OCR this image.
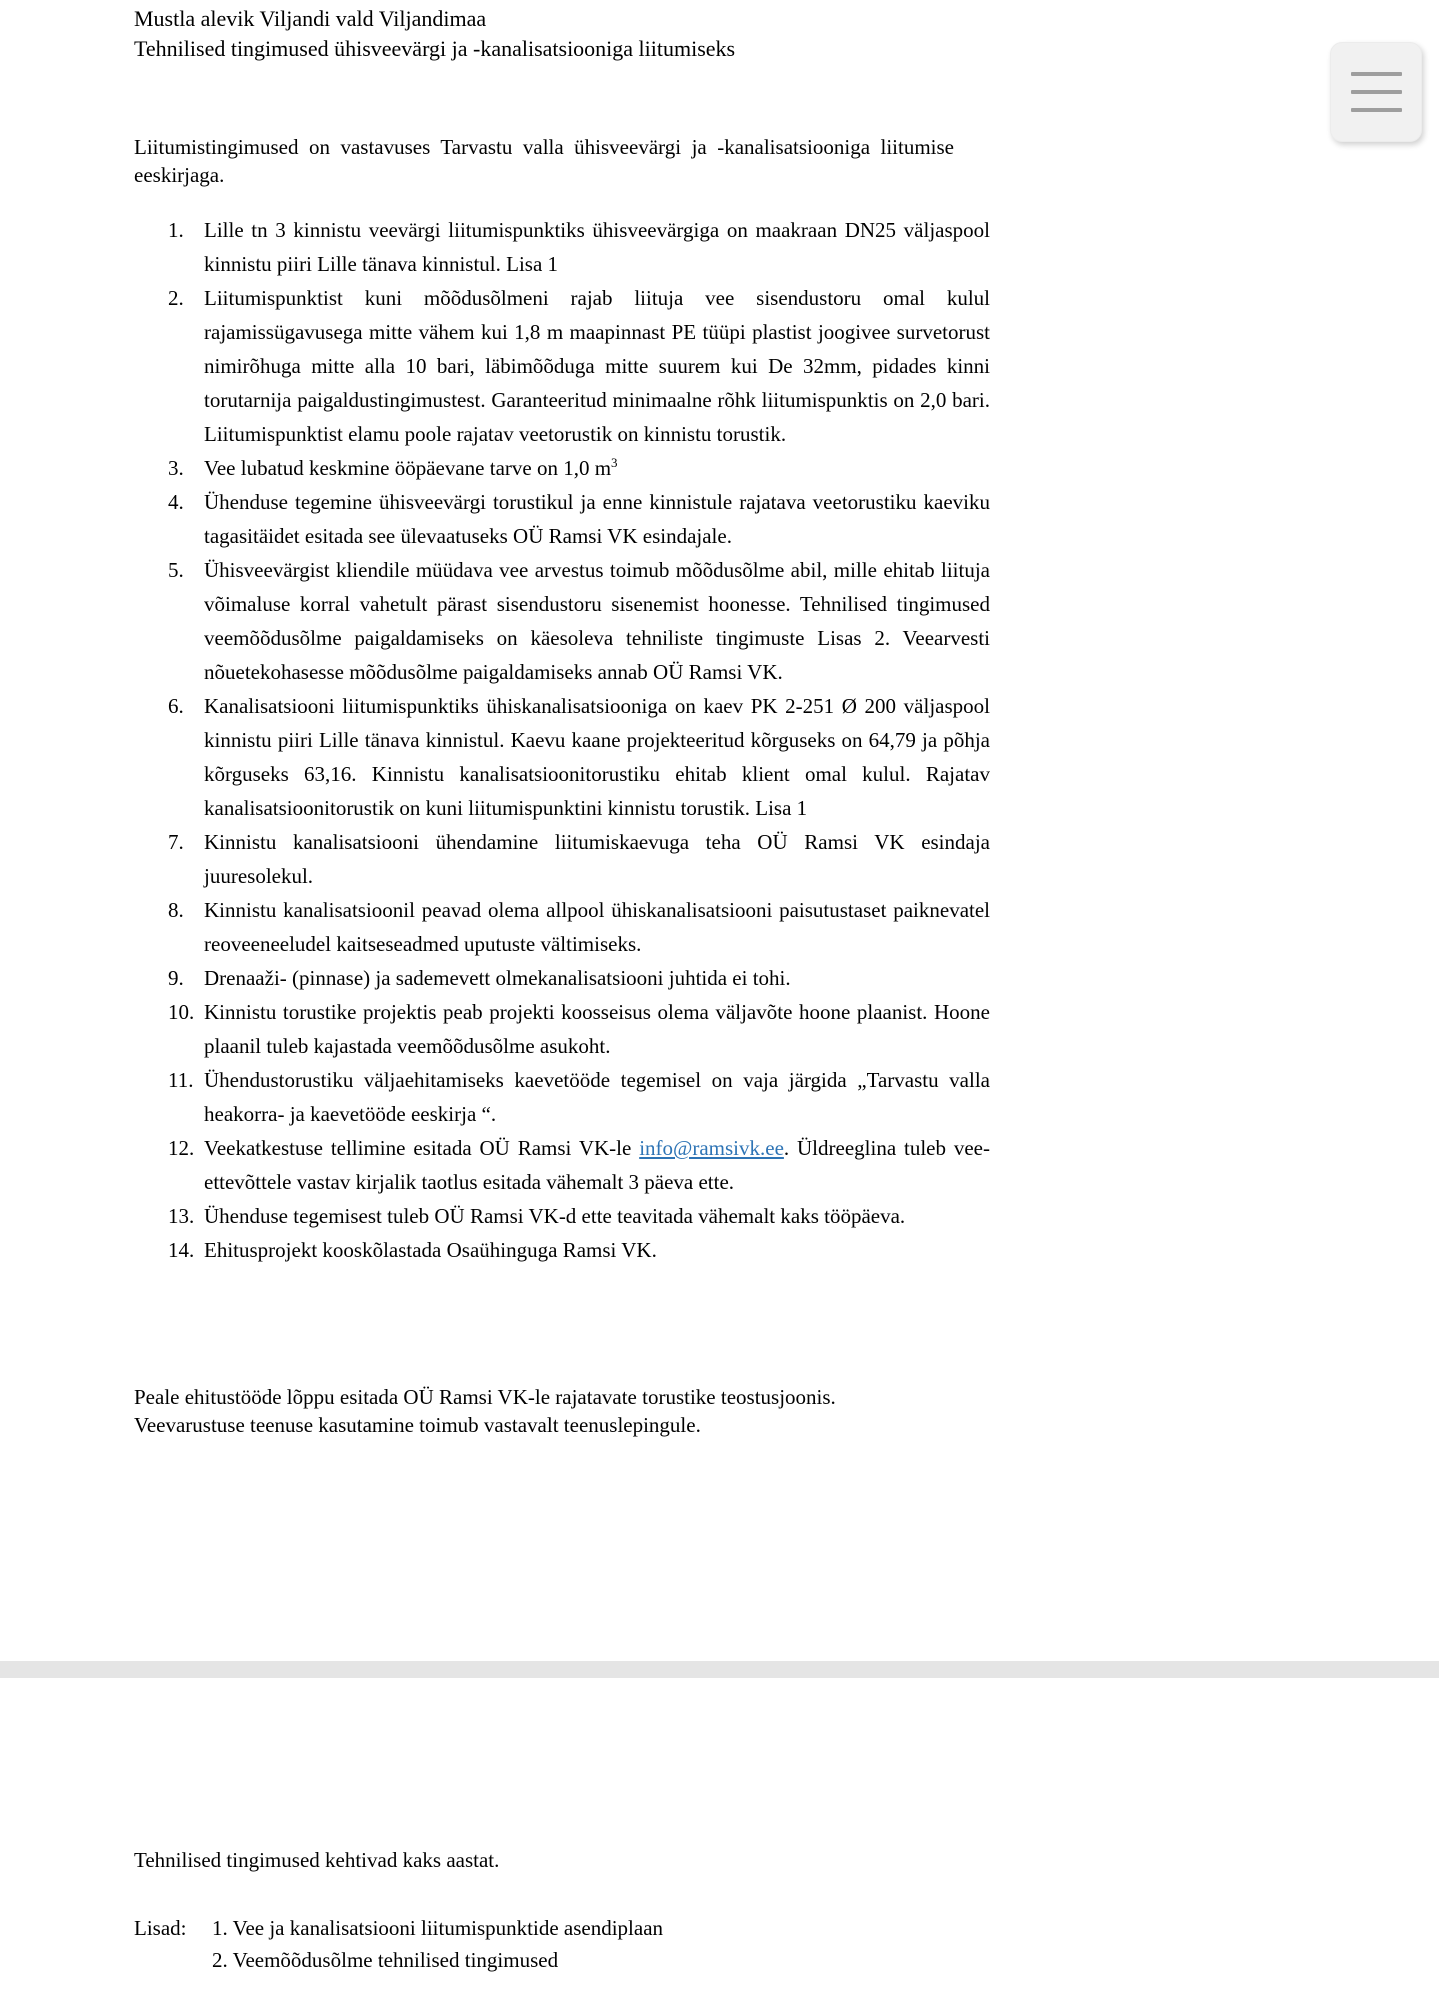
Mustla alevik Viljandi vald Viljandimaa
Tehnilised tingimused ühisveevärgi ja -kanalisatsiooniga liitumiseks
Liitumistingimused on vastavuses Tarvastu valla ühisveevärgi ja -kanalisatsiooniga liitumise eeskirjaga.
1. Lille tn 3 kinnistu veevärgi liitumispunktiks ühisveevärgiga on maakraan DN25 väljaspool kinnistu piiri Lille tänava kinnistul. Lisa 1
2. Liitumispunktist kuni mõõdusõlmeni rajab liituja vee sisendustoru omal kulul rajamissügavusega mitte vähem kui 1,8 m maapinnast PE tüüpi plastist joogivee survetorust nimirõhuga mitte alla 10 bari, läbimõõduga mitte suurem kui De 32mm, pidades kinni torutarnija paigaldustingimustest. Garanteeritud minimaalne rõhk liitumispunktis on 2,0 bari. Liitumispunktist elamu poole rajatav veetorustik on kinnistu torustik.
3. Vee lubatud keskmine ööpäevane tarve on 1,0 $m^3$
4. Ühenduse tegemine ühisveevärgi torustikul ja enne kinnistule rajatava veetorustiku kaeviku tagasitäidet esitada see ülevaatuseks OÜ Ramsi VK esindajale.
5. Ühisveevärgist kliendile müüdava vee arvestus toimub mõõdusõlme abil, mille ehitab liituja võimaluse korral vahetult pärast sisendustoru sisenemist hoonesse. Tehnilised tingimused veemõõdusõlme paigaldamiseks on käesoleva tehniliste tingimuste Lisas 2. Veearvesti nõuetekohasesse mõõdusõlme paigaldamiseks annab OÜ Ramsi VK.
6. Kanalisatsiooni liitumispunktiks ühiskanalisatsiooniga on kaev PK 2-251 Ø 200 väljaspool kinnistu piiri Lille tänava kinnistul. Kaevu kaane projekteeritud kõrguseks on 64,79 ja põhja kõrguseks 63,16. Kinnistu kanalisatsioonitorustiku ehitab klient omal kulul. Rajatav kanalisatsioonitorustik on kuni liitumispunktini kinnistu torustik. Lisa 1
7. Kinnistu kanalisatsiooni ühendamine liitumiskaevuga teha OÜ Ramsi VK esindaja juuresolekul.
8. Kinnistu kanalisatsioonil peavad olema allpool ühiskanalisatsiooni paisutustaset paiknevatel reoveeneeludel kaitseseadmed uputuste vältimiseks.
9. Drenaaži- (pinnase) ja sademevett olmekanalisatsiooni juhtida ei tohi.
10. Kinnistu torustike projektis peab projekti koosseisus olema väljavõte hoone plaanist. Hoone plaanil tuleb kajastada veemõõdusõlme asukoht.
11. Ühendustorustiku väljaehitamiseks kaevetööde tegemisel on vaja järgida „Tarvastu valla heakorra- ja kaevetööde eeskirja “.
12. Veekatkestuse tellimine esitada OÜ Ramsi VK-le info@ramsivk.ee. Üldreeglina tuleb vee-ettevõttele vastav kirjalik taotlus esitada vähemalt 3 päeva ette.
13. Ühenduse tegemisest tuleb OÜ Ramsi VK-d ette teavitada vähemalt kaks tööpäeva.
14. Ehitusprojekt kooskõlastada Osaühinguga Ramsi VK.
Peale ehitustööde lõppu esitada OÜ Ramsi VK-le rajatavate torustike teostusjoonis.
Veevarustuse teenuse kasutamine toimub vastavalt teenuslepingule.
Tehnilised tingimused kehtivad kaks aastat.
Lisad:	1. Vee ja kanalisatsiooni liitumispunktide asendiplaan
2. Veemõõdusõlme tehnilised tingimused
